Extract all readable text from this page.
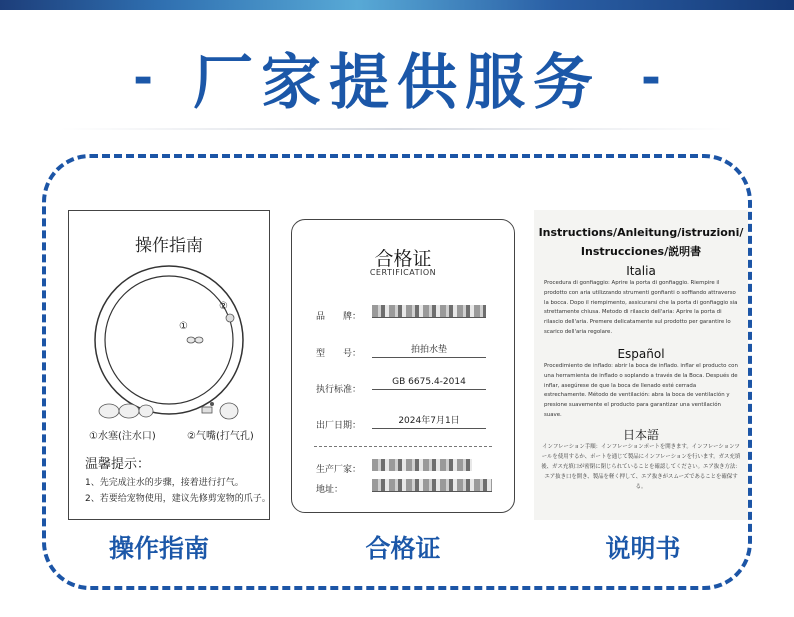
- 厂家提供服务 -
操作指南
①
②
①水塞(注水口)	②气嘴(打气孔)
温馨提示：
1、先完成注水的步骤，接着进行打气。
2、若要给宠物使用，建议先修剪宠物的爪子。
合格证
CERTIFICATION
品　　牌：
型　　号：	拍拍水垫
执行标准：
GB 6675.4-2014
出厂日期：	2024年7月1日
生产厂家：
地址：
Instructions/Anleitung/istruzioni/
Instrucciones/説明書
Italia
Procedura di gonfiaggio: Aprire la porta di gonfiaggio. Riempire il prodotto con aria utilizzando strumenti gonfianti o soffiando attraverso la bocca. Dopo il riempimento, assicurarsi che la porta di gonfiaggio sia strettamente chiusa. Metodo di rilascio dell'aria: Aprire la porta di rilascio dell'aria. Premere delicatamente sul prodotto per garantire lo scarico dell'aria regolare.
Español
Procedimiento de inflado: abrir la boca de inflado. inflar el producto con una herramienta de inflado o soplando a través de la Boca. Después de inflar, asegúrese de que la boca de llenado esté cerrada estrechamente. Método de ventilación: abra la boca de ventilación y presione suavemente el producto para garantizar una ventilación suave.
日本語
インフレーション手順：インフレーションポートを開きます。インフレーションツールを使用するか、ポートを通じて製品にインフレーションを行います。ガス充填後、ガス充填口が密閉に閉じられていることを確認してください。エア抜き方法：エア抜き口を開き、製品を軽く押して、エア抜きがスムーズであることを確保する。
操作指南	合格证	说明书
